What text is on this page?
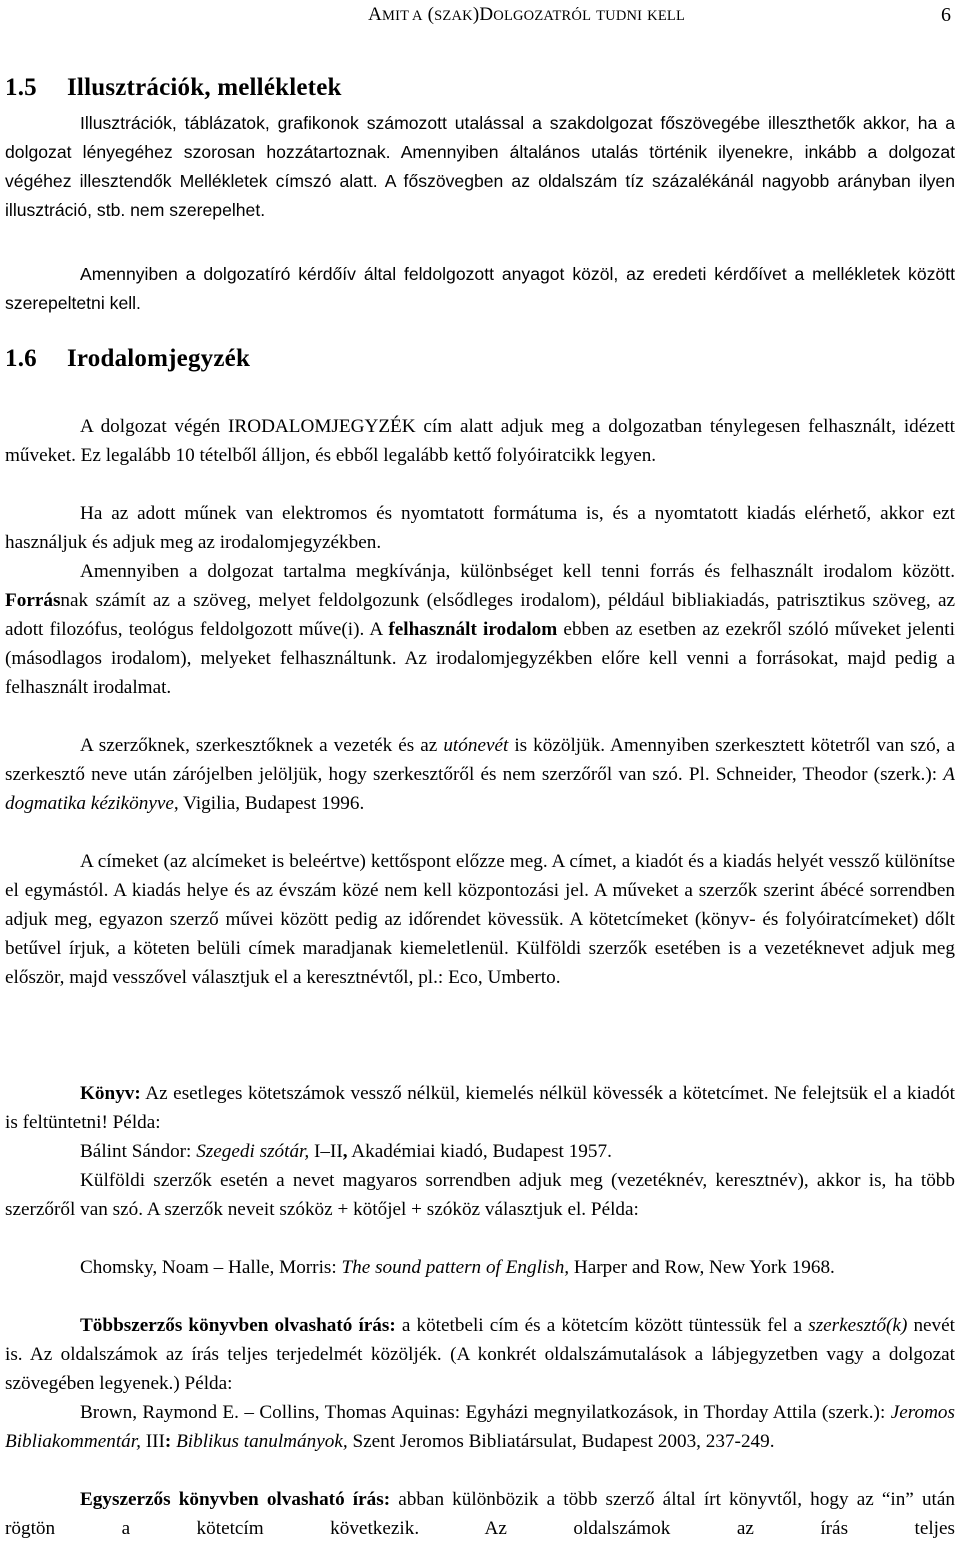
AMIT A (SZAK)DOLGOZATRÓL TUDNI KELL	6
1.5 Illusztrációk, mellékletek
Illusztrációk, táblázatok, grafikonok számozott utalással a szakdolgozat főszövegébe illeszthetők akkor, ha a dolgozat lényegéhez szorosan hozzátartoznak. Amennyiben általános utalás történik ilyenekre, inkább a dolgozat végéhez illesztendők Mellékletek címszó alatt. A főszövegben az oldalszám tíz százalékánál nagyobb arányban ilyen illusztráció, stb. nem szerepelhet.
Amennyiben a dolgozatíró kérdőív által feldolgozott anyagot közöl, az eredeti kérdőívet a mellékletek között szerepeltetni kell.
1.6 Irodalomjegyzék
A dolgozat végén IRODALOMJEGYZÉK cím alatt adjuk meg a dolgozatban ténylegesen felhasznált, idézett műveket. Ez legalább 10 tételből álljon, és ebből legalább kettő folyóiratcikk legyen.
Ha az adott műnek van elektromos és nyomtatott formátuma is, és a nyomtatott kiadás elérhető, akkor ezt használjuk és adjuk meg az irodalomjegyzékben.
Amennyiben a dolgozat tartalma megkívánja, különbséget kell tenni forrás és felhasznált irodalom között. Forrásnak számít az a szöveg, melyet feldolgozunk (elsődleges irodalom), például bibliakiadás, patrisztikus szöveg, az adott filozófus, teológus feldolgozott műve(i). A felhasznált irodalom ebben az esetben az ezekről szóló műveket jelenti (másodlagos irodalom), melyeket felhasználtunk. Az irodalomjegyzékben előre kell venni a forrásokat, majd pedig a felhasznált irodalmat.
A szerzőknek, szerkesztőknek a vezeték és az utónevét is közöljük. Amennyiben szerkesztett kötetről van szó, a szerkesztő neve után zárójelben jelöljük, hogy szerkesztőről és nem szerzőről van szó. Pl. Schneider, Theodor (szerk.): A dogmatika kézikönyve, Vigilia, Budapest 1996.
A címeket (az alcímeket is beleértve) kettőspont előzze meg. A címet, a kiadót és a kiadás helyét vessző különítse el egymástól. A kiadás helye és az évszám közé nem kell központozási jel. A műveket a szerzők szerint ábécé sorrendben adjuk meg, egyazon szerző művei között pedig az időrendet kövessük. A kötetcímeket (könyv- és folyóiratcímeket) dőlt betűvel írjuk, a köteten belüli címek maradjanak kiemeletlenül. Külföldi szerzők esetében is a vezetéknevet adjuk meg először, majd vesszővel választjuk el a keresztnévtől, pl.: Eco, Umberto.
Könyv: Az esetleges kötetszámok vessző nélkül, kiemelés nélkül kövessék a kötetcímet. Ne felejtsük el a kiadót is feltüntetni! Példa:
Bálint Sándor: Szegedi szótár, I–II, Akadémiai kiadó, Budapest 1957.
Külföldi szerzők esetén a nevet magyaros sorrendben adjuk meg (vezetéknév, keresztnév), akkor is, ha több szerzőről van szó. A szerzők neveit szóköz + kötőjel + szóköz választjuk el. Példa:
Chomsky, Noam – Halle, Morris: The sound pattern of English, Harper and Row, New York 1968.
Többszerzős könyvben olvasható írás: a kötetbeli cím és a kötetcím között tüntessük fel a szerkesztő(k) nevét is. Az oldalszámok az írás teljes terjedelmét közöljék. (A konkrét oldalszámutalások a lábjegyzetben vagy a dolgozat szövegében legyenek.) Példa:
Brown, Raymond E. – Collins, Thomas Aquinas: Egyházi megnyilatkozások, in Thorday Attila (szerk.): Jeromos Bibliakommentár, III: Biblikus tanulmányok, Szent Jeromos Bibliatársulat, Budapest 2003, 237-249.
Egyszerzős könyvben olvasható írás: abban különbözik a több szerző által írt könyvtől, hogy az “in” után rögtön a kötetcím következik. Az oldalszámok az írás teljes
